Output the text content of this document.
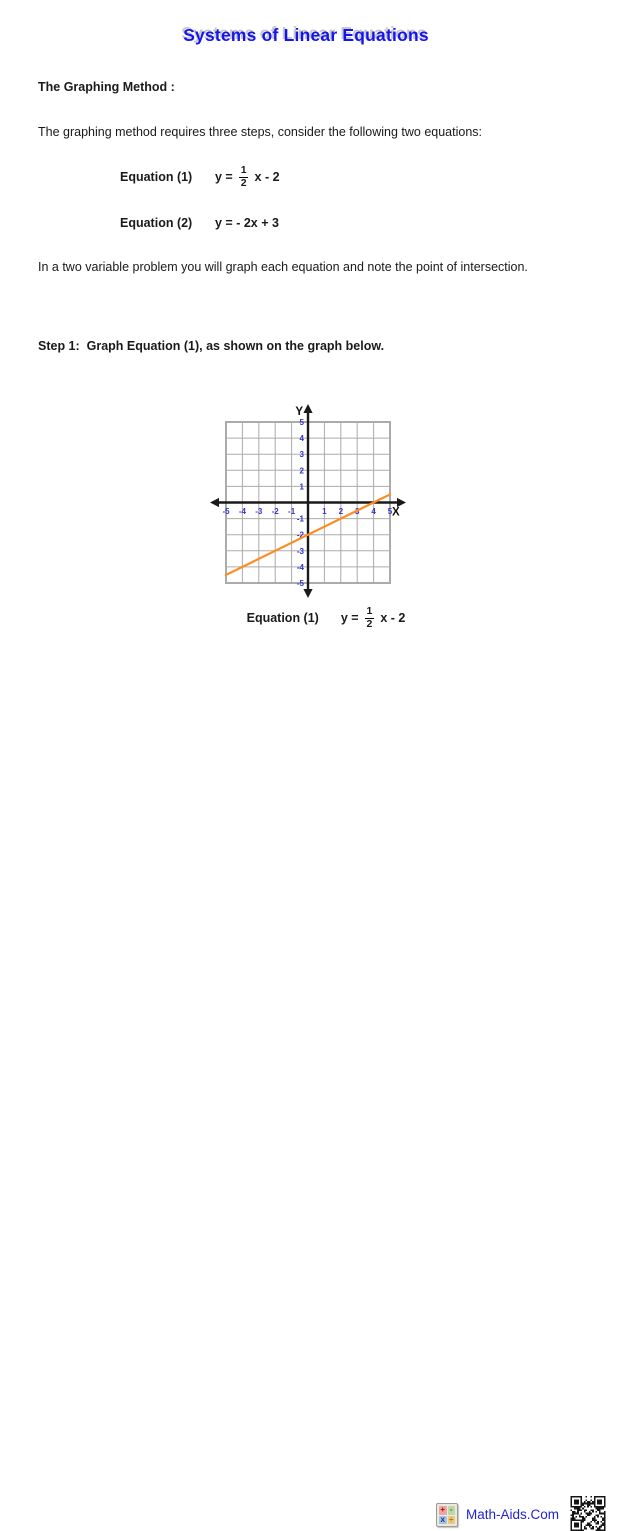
Systems of Linear Equations
The Graphing Method :
The graphing method requires three steps, consider the following two equations:
Equation (1)	$y = \frac{1}{2}$ x - 2
Equation (2)	y = - 2x + 3
In a two variable problem you will graph each equation and note the point of intersection.
Step 1:  Graph Equation (1), as shown on the graph below.
-5 -4 -3 -2 -1	1 2 3 4 5
-5
-4
-3
-2
-1
1
2
3
4
5
Y
X
Equation (1) $y = \frac{1}{2}$ x - 2
+ -
x ÷ Math-Aids.Com
